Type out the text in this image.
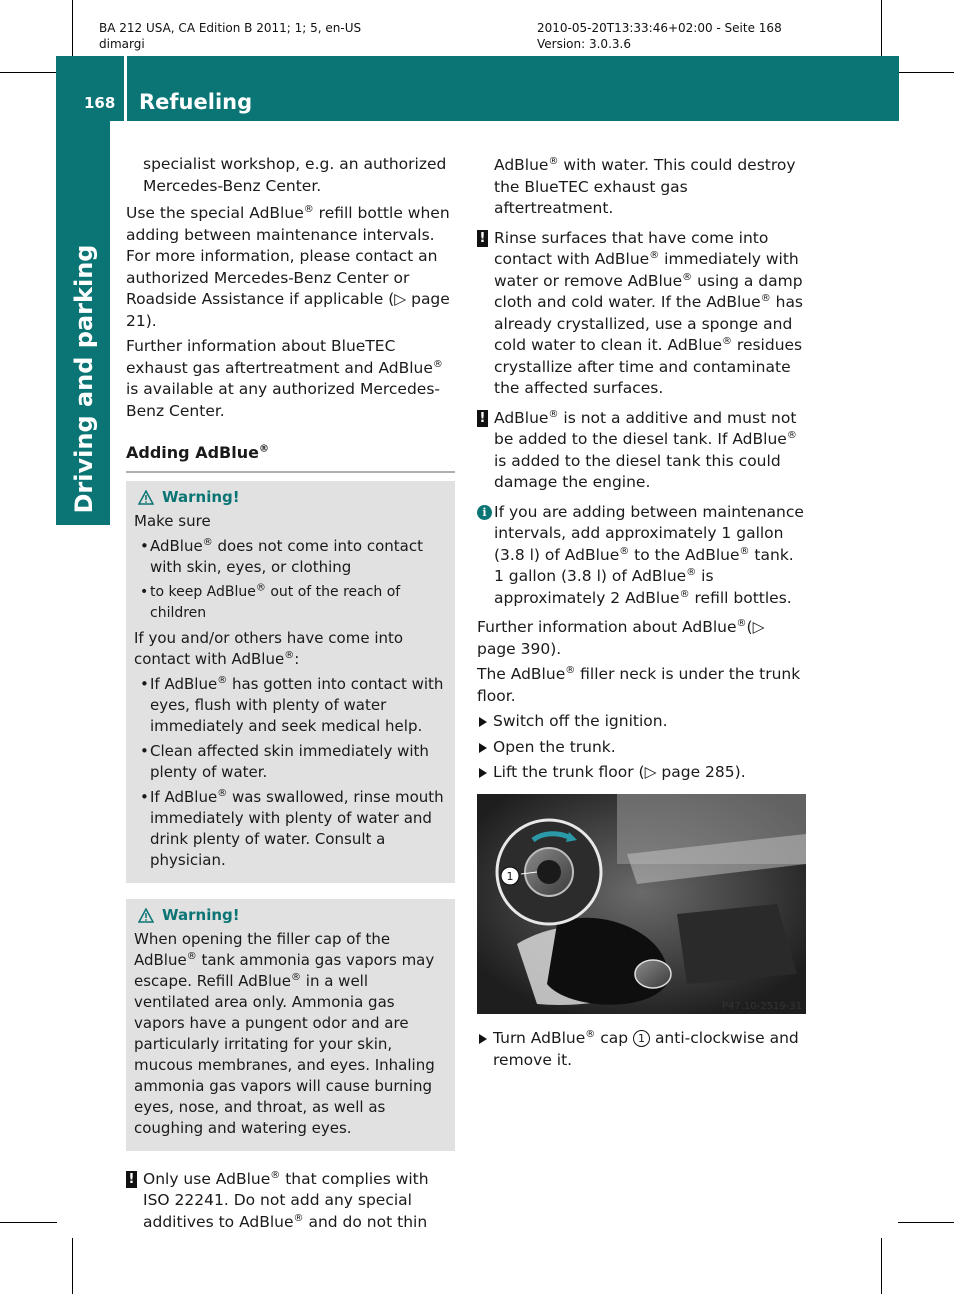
BA 212 USA, CA Edition B 2011; 1; 5, en-US
dimargi
2010-05-20T13:33:46+02:00 - Seite 168
Version: 3.0.3.6
168 Refueling
Driving and parking

specialist workshop, e.g. an authorized Mercedes-Benz Center.

Use the special AdBlue® refill bottle when adding between maintenance intervals. For more information, please contact an authorized Mercedes-Benz Center or Roadside Assistance if applicable (▷ page 21).

Further information about BlueTEC exhaust gas aftertreatment and AdBlue® is available at any authorized Mercedes-Benz Center.

Adding AdBlue®

Warning!

Make sure

• AdBlue® does not come into contact with skin, eyes, or clothing
• to keep AdBlue® out of the reach of children

If you and/or others have come into contact with AdBlue®:

• If AdBlue® has gotten into contact with eyes, flush with plenty of water immediately and seek medical help.
• Clean affected skin immediately with plenty of water.
• If AdBlue® was swallowed, rinse mouth immediately with plenty of water and drink plenty of water. Consult a physician.
Warning!

When opening the filler cap of the AdBlue® tank ammonia gas vapors may escape. Refill AdBlue® in a well ventilated area only. Ammonia gas vapors have a pungent odor and are particularly irritating for your skin, mucous membranes, and eyes. Inhaling ammonia gas vapors will cause burning eyes, nose, and throat, as well as coughing and watering eyes.

! Only use AdBlue® that complies with ISO 22241. Do not add any special additives to AdBlue® and do not thin

AdBlue® with water. This could destroy the BlueTEC exhaust gas aftertreatment.

! Rinse surfaces that have come into contact with AdBlue® immediately with water or remove AdBlue® using a damp cloth and cold water. If the AdBlue® has already crystallized, use a sponge and cold water to clean it. AdBlue® residues crystallize after time and contaminate the affected surfaces.
! AdBlue® is not a additive and must not be added to the diesel tank. If AdBlue® is added to the diesel tank this could damage the engine.
i If you are adding between maintenance intervals, add approximately 1 gallon (3.8 l) of AdBlue® to the AdBlue® tank. 1 gallon (3.8 l) of AdBlue® is approximately 2 AdBlue® refill bottles.

Further information about AdBlue®(▷ page 390).

The AdBlue® filler neck is under the trunk floor.

Switch off the ignition.
Open the trunk.
Lift the trunk floor (▷ page 285).
1
P47.10-2519-31
Turn AdBlue® cap 1 anti-clockwise and remove it.
